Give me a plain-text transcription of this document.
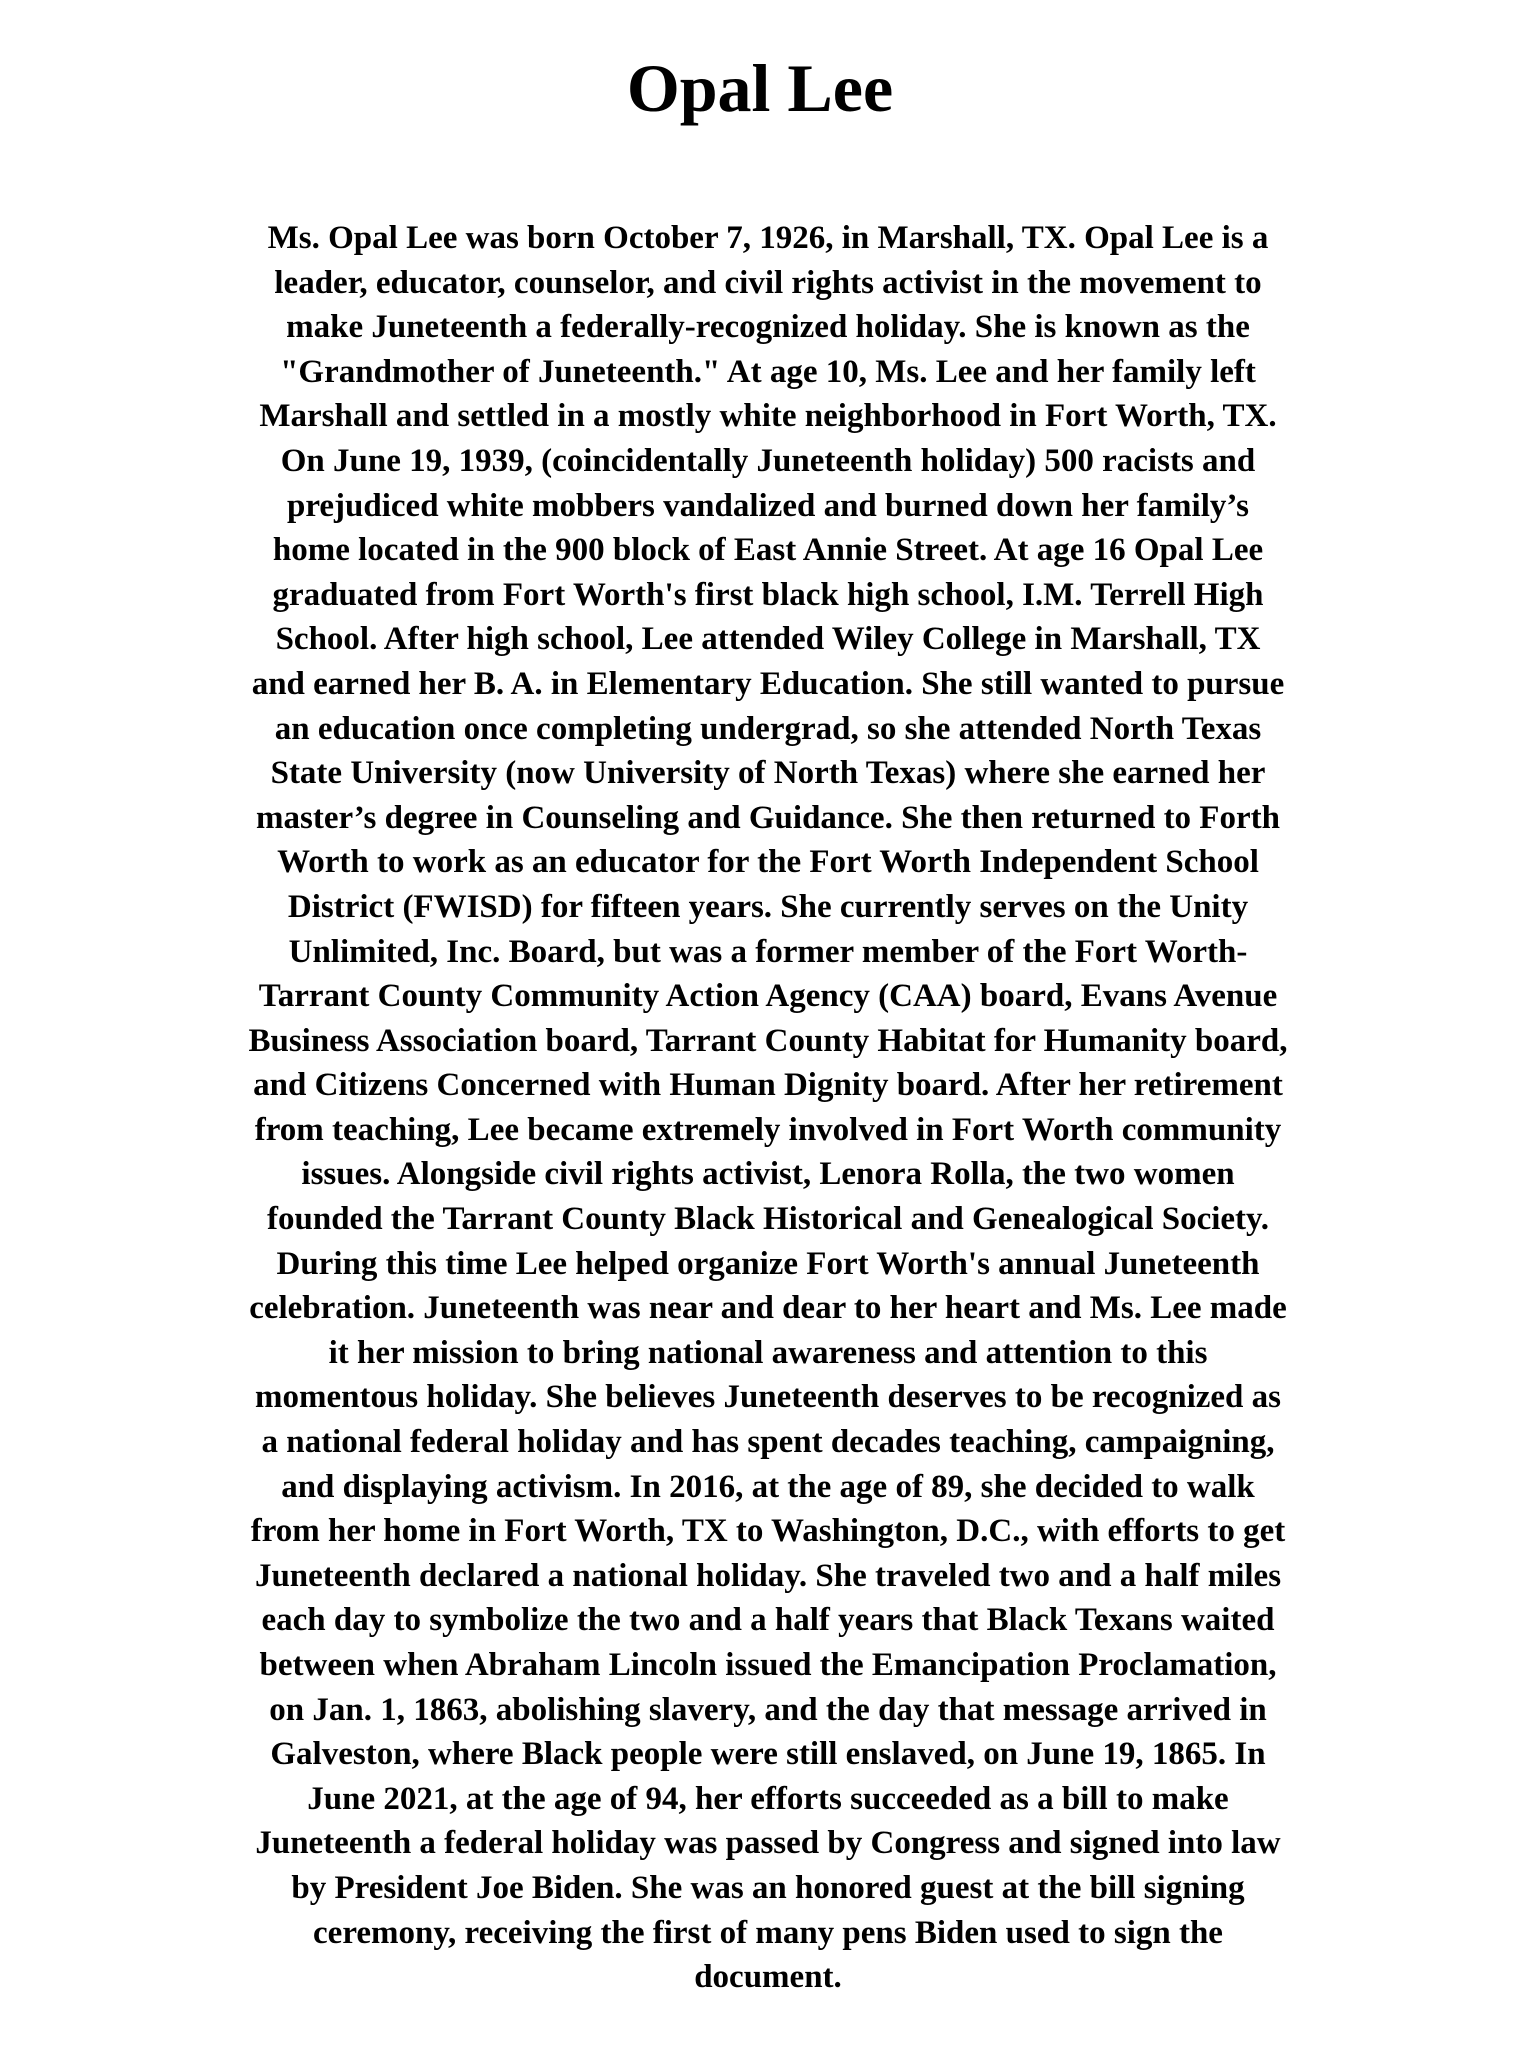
Opal Lee

Ms. Opal Lee was born October 7, 1926, in Marshall, TX. Opal Lee is a
leader, educator, counselor, and civil rights activist in the movement to
make Juneteenth a federally-recognized holiday. She is known as the
"Grandmother of Juneteenth." At age 10, Ms. Lee and her family left
Marshall and settled in a mostly white neighborhood in Fort Worth, TX.
On June 19, 1939, (coincidentally Juneteenth holiday) 500 racists and
prejudiced white mobbers vandalized and burned down her family’s
home located in the 900 block of East Annie Street. At age 16 Opal Lee
graduated from Fort Worth's first black high school, I.M. Terrell High
School. After high school, Lee attended Wiley College in Marshall, TX
and earned her B. A. in Elementary Education. She still wanted to pursue
an education once completing undergrad, so she attended North Texas
State University (now University of North Texas) where she earned her
master’s degree in Counseling and Guidance. She then returned to Forth
Worth to work as an educator for the Fort Worth Independent School
District (FWISD) for fifteen years. She currently serves on the Unity
Unlimited, Inc. Board, but was a former member of the Fort Worth-
Tarrant County Community Action Agency (CAA) board, Evans Avenue
Business Association board, Tarrant County Habitat for Humanity board,
and Citizens Concerned with Human Dignity board. After her retirement
from teaching, Lee became extremely involved in Fort Worth community
issues. Alongside civil rights activist, Lenora Rolla, the two women
founded the Tarrant County Black Historical and Genealogical Society.
During this time Lee helped organize Fort Worth's annual Juneteenth
celebration. Juneteenth was near and dear to her heart and Ms. Lee made
it her mission to bring national awareness and attention to this
momentous holiday. She believes Juneteenth deserves to be recognized as
a national federal holiday and has spent decades teaching, campaigning,
and displaying activism. In 2016, at the age of 89, she decided to walk
from her home in Fort Worth, TX to Washington, D.C., with efforts to get
Juneteenth declared a national holiday. She traveled two and a half miles
each day to symbolize the two and a half years that Black Texans waited
between when Abraham Lincoln issued the Emancipation Proclamation,
on Jan. 1, 1863, abolishing slavery, and the day that message arrived in
Galveston, where Black people were still enslaved, on June 19, 1865. In
June 2021, at the age of 94, her efforts succeeded as a bill to make
Juneteenth a federal holiday was passed by Congress and signed into law
by President Joe Biden. She was an honored guest at the bill signing
ceremony, receiving the first of many pens Biden used to sign the
document.
